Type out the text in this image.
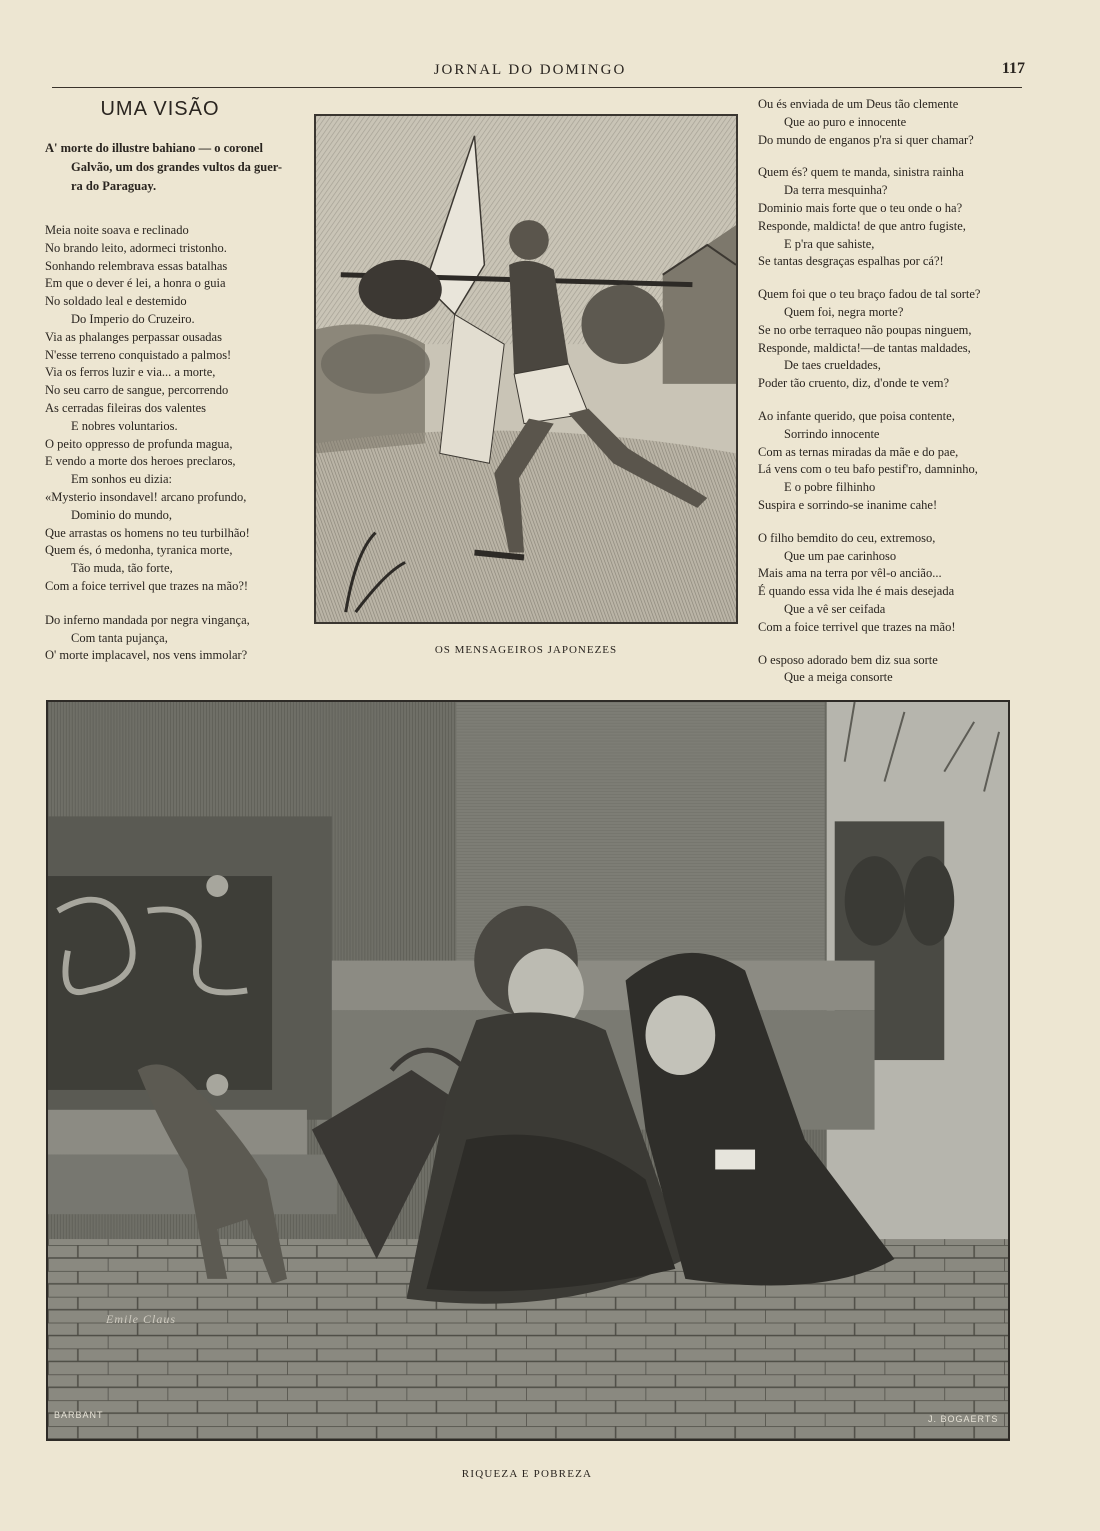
JORNAL DO DOMINGO	117
UMA VISÃO
A' morte do illustre bahiano — o coronel
Galvão, um dos grandes vultos da guer-
ra do Paraguay.
Meia noite soava e reclinado
No brando leito, adormeci tristonho.
Sonhando relembrava essas batalhas
Em que o dever é lei, a honra o guia
No soldado leal e destemido
Do Imperio do Cruzeiro.
Via as phalanges perpassar ousadas
N'esse terreno conquistado a palmos!
Via os ferros luzir e via... a morte,
No seu carro de sangue, percorrendo
As cerradas fileiras dos valentes
E nobres voluntarios.
O peito oppresso de profunda magua,
E vendo a morte dos heroes preclaros,
Em sonhos eu dizia:
«Mysterio insondavel! arcano profundo,
Dominio do mundo,
Que arrastas os homens no teu turbilhão!
Quem és, ó medonha, tyranica morte,
Tão muda, tão forte,
Com a foice terrivel que trazes na mão?!
Do inferno mandada por negra vingança,
Com tanta pujança,
O' morte implacavel, nos vens immolar?	OS MENSAGEIROS JAPONEZES
Ou és enviada de um Deus tão clemente
Que ao puro e innocente
Do mundo de enganos p'ra si quer chamar?
Quem és? quem te manda, sinistra rainha
Da terra mesquinha?
Dominio mais forte que o teu onde o ha?
Responde, maldicta! de que antro fugiste,
E p'ra que sahiste,
Se tantas desgraças espalhas por cá?!
Quem foi que o teu braço fadou de tal sorte?
Quem foi, negra morte?
Se no orbe terraqueo não poupas ninguem,
Responde, maldicta!—de tantas maldades,
De taes crueldades,
Poder tão cruento, diz, d'onde te vem?
Ao infante querido, que poisa contente,
Sorrindo innocente
Com as ternas miradas da mãe e do pae,
Lá vens com o teu bafo pestif'ro, damninho,
E o pobre filhinho
Suspira e sorrindo-se inanime cahe!
O filho bemdito do ceu, extremoso,
Que um pae carinhoso
Mais ama na terra por vêl-o ancião...
É quando essa vida lhe é mais desejada
Que a vê ser ceifada
Com a foice terrivel que trazes na mão!
O esposo adorado bem diz sua sorte
Que a meiga consorte
Emile Claus
BARBANT	J. BOGAERTS
RIQUEZA E POBREZA
